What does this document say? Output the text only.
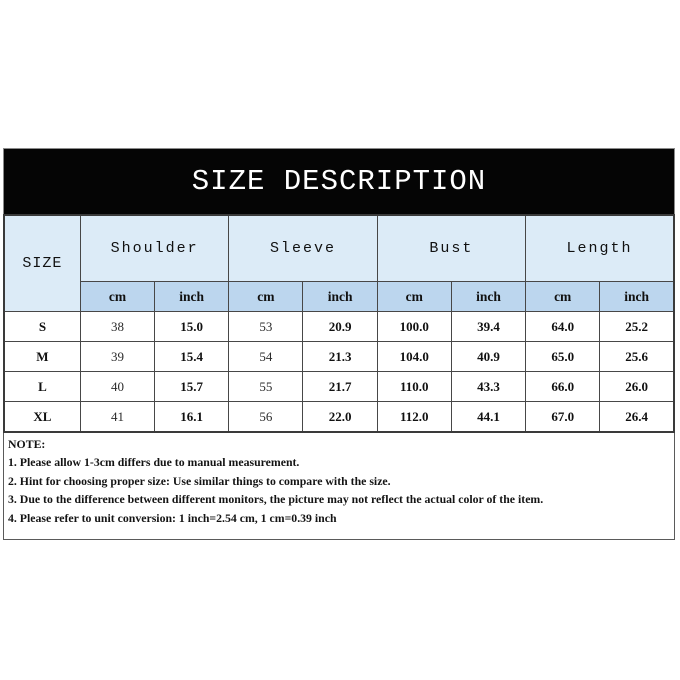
SIZE DESCRIPTION
SIZE	Shoulder		Sleeve		Bust		Length	
	cm	inch	cm	inch	cm	inch	cm	inch
S	38	15.0	53	20.9	100.0	39.4	64.0	25.2
M	39	15.4	54	21.3	104.0	40.9	65.0	25.6
L	40	15.7	55	21.7	110.0	43.3	66.0	26.0
XL	41	16.1	56	22.0	112.0	44.1	67.0	26.4
NOTE:
1. Please allow 1-3cm differs due to manual measurement.
2. Hint for choosing proper size: Use similar things to compare with the size.
3. Due to the difference between different monitors, the picture may not reflect the actual color of the item.
4. Please refer to unit conversion: 1 inch=2.54 cm, 1 cm=0.39 inch
